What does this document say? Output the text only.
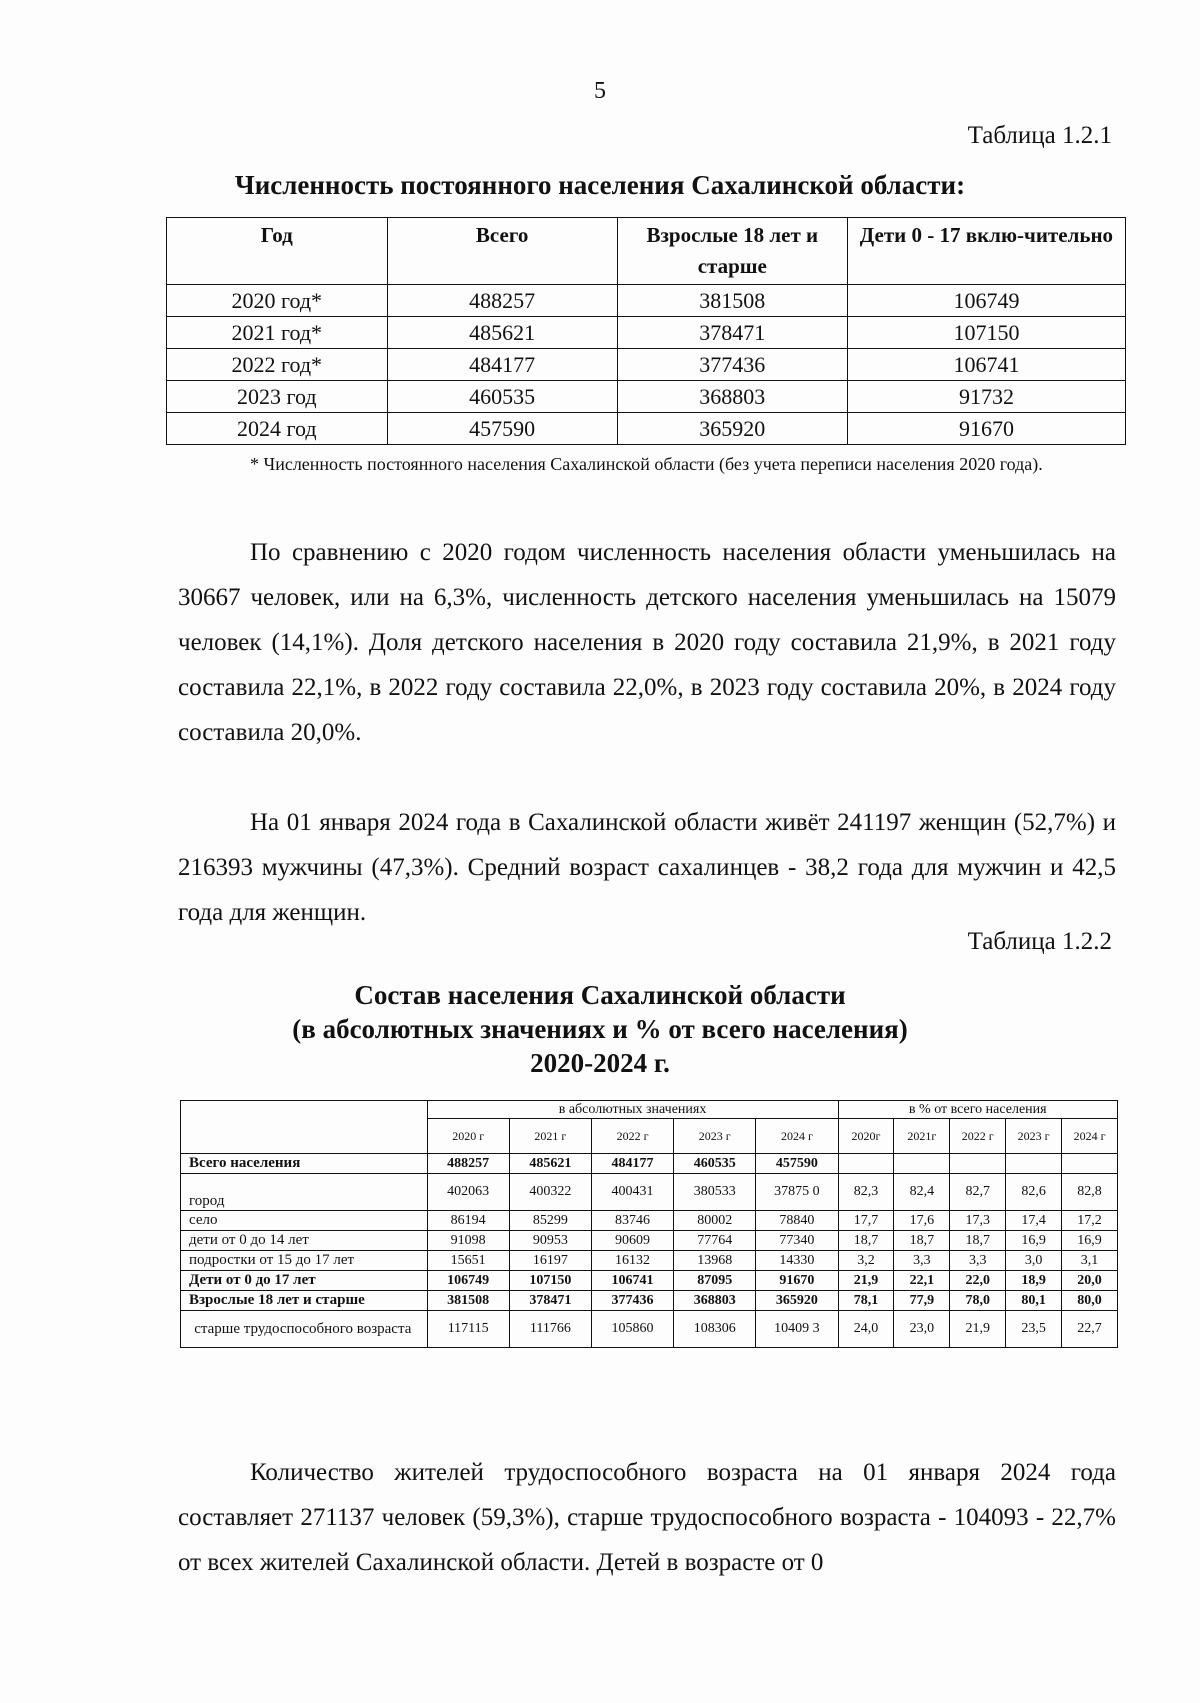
5
Таблица 1.2.1
Численность постоянного населения Сахалинской области:
Год	Всего	Взрослые 18 лет и старше	Дети 0 - 17 вклю-чительно
2020 год*	488257	381508	106749
2021 год*	485621	378471	107150
2022 год*	484177	377436	106741
2023 год	460535	368803	91732
2024 год	457590	365920	91670
* Численность постоянного населения Сахалинской области (без учета переписи населения 2020 года).
По сравнению с 2020 годом численность населения области уменьшилась на 30667 человек, или на 6,3%, численность детского населения уменьшилась на 15079 человек (14,1%). Доля детского населения в 2020 году составила 21,9%, в 2021 году составила 22,1%, в 2022 году составила 22,0%, в 2023 году составила 20%, в 2024 году составила 20,0%.
На 01 января 2024 года в Сахалинской области живёт 241197 женщин (52,7%) и 216393 мужчины (47,3%). Средний возраст сахалинцев - 38,2 года для мужчин и 42,5 года для женщин.
Таблица 1.2.2
Состав населения Сахалинской области
(в абсолютных значениях и % от всего населения)
2020-2024 г.
	в абсолютных значениях					в % от всего населения				
	2020 г	2021 г	2022 г	2023 г	2024 г	2020г	2021г	2022 г	2023 г	2024 г
Всего населения	488257	485621	484177	460535	457590					
город	402063	400322	400431	380533	37875 0	82,3	82,4	82,7	82,6	82,8
село	86194	85299	83746	80002	78840	17,7	17,6	17,3	17,4	17,2
дети от 0 до 14 лет	91098	90953	90609	77764	77340	18,7	18,7	18,7	16,9	16,9
подростки от 15 до 17 лет	15651	16197	16132	13968	14330	3,2	3,3	3,3	3,0	3,1
Дети от 0 до 17 лет	106749	107150	106741	87095	91670	21,9	22,1	22,0	18,9	20,0
Взрослые 18 лет и старше	381508	378471	377436	368803	365920	78,1	77,9	78,0	80,1	80,0
старше трудоспособного возраста	117115	111766	105860	108306	10409 3	24,0	23,0	21,9	23,5	22,7
Количество жителей трудоспособного возраста на 01 января 2024 года составляет 271137 человек (59,3%), старше трудоспособного возраста - 104093 - 22,7% от всех жителей Сахалинской области. Детей в возрасте от 0
